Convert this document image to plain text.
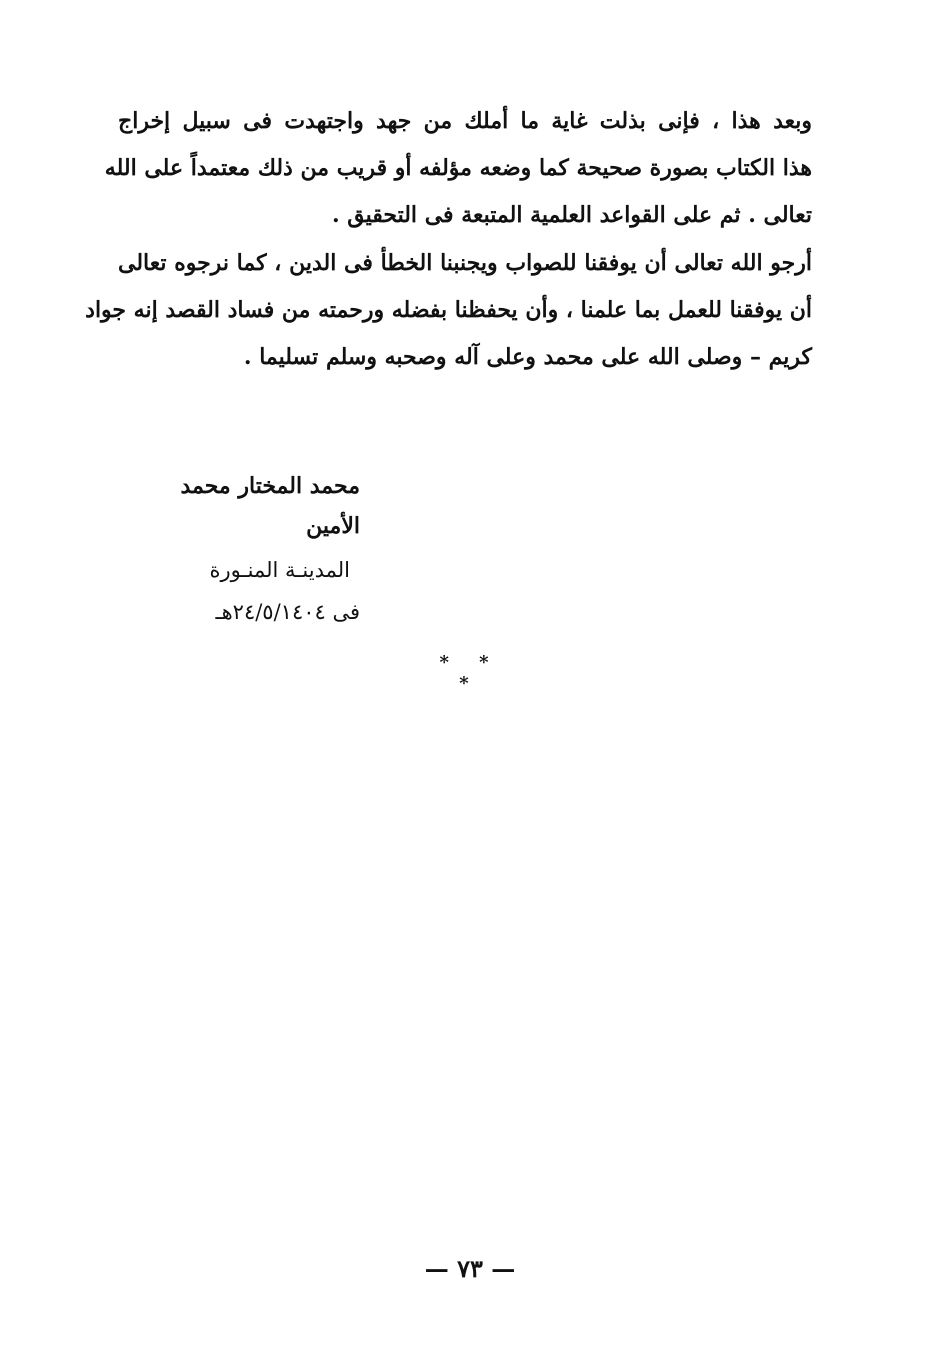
وبعد هذا ، فإنى بذلت غاية ما أملك من جهد واجتهدت فى سبيل إخراج
هذا الكتاب بصورة صحيحة كما وضعه مؤلفه أو قريب من ذلك معتمداً على الله
تعالى . ثم على القواعد العلمية المتبعة فى التحقيق .
أرجو الله تعالى أن يوفقنا للصواب ويجنبنا الخطأ فى الدين ، كما نرجوه تعالى
أن يوفقنا للعمل بما علمنا ، وأن يحفظنا بفضله ورحمته من فساد القصد إنه جواد
كريم – وصلى الله على محمد وعلى آله وصحبه وسلم تسليما .
محمد المختار محمد الأمين
المدينـة المنـورة
فى ٢٤/٥/١٤٠٤هـ
* * *
— ٧٣ —
